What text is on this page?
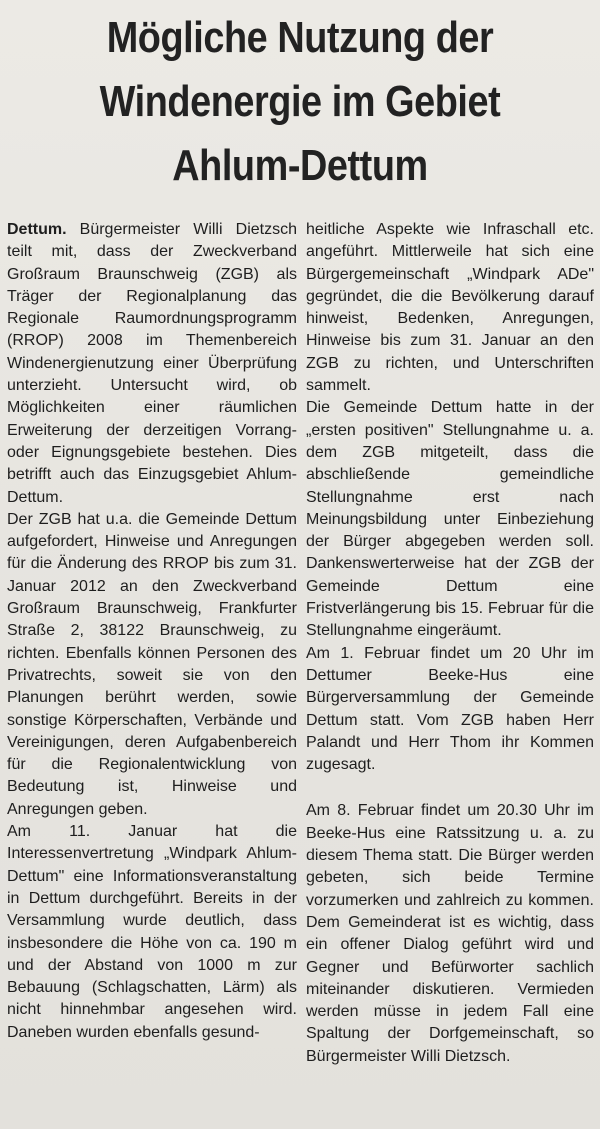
Mögliche Nutzung der
Windenergie im Gebiet
Ahlum-Dettum

Dettum. Bürgermeister Willi Dietzsch teilt mit, dass der Zweckverband Großraum Braunschweig (ZGB) als Träger der Regionalplanung das Regionale Raumordnungsprogramm (RROP) 2008 im Themenbereich Windenergienutzung einer Überprüfung unterzieht. Untersucht wird, ob Möglichkeiten einer räumlichen Erweiterung der derzeitigen Vorrang- oder Eignungsgebiete bestehen. Dies betrifft auch das Einzugsgebiet Ahlum-Dettum.

Der ZGB hat u.a. die Gemeinde Dettum aufgefordert, Hinweise und Anregungen für die Änderung des RROP bis zum 31. Januar 2012 an den Zweckverband Großraum Braunschweig, Frankfurter Straße 2, 38122 Braunschweig, zu richten. Ebenfalls können Personen des Privatrechts, soweit sie von den Planungen berührt werden, sowie sonstige Körperschaften, Verbände und Vereinigungen, deren Aufgabenbereich für die Regionalentwicklung von Bedeutung ist, Hinweise und Anregungen geben.

Am 11. Januar hat die Interessenvertretung „Windpark Ahlum-Dettum" eine Informationsveranstaltung in Dettum durchgeführt. Bereits in der Versammlung wurde deutlich, dass insbesondere die Höhe von ca. 190 m und der Abstand von 1000 m zur Bebauung (Schlagschatten, Lärm) als nicht hinnehmbar angesehen wird. Daneben wurden ebenfalls gesund-

heitliche Aspekte wie Infraschall etc. angeführt. Mittlerweile hat sich eine Bürgergemeinschaft „Windpark ADe" gegründet, die die Bevölkerung darauf hinweist, Bedenken, Anregungen, Hinweise bis zum 31. Januar an den ZGB zu richten, und Unterschriften sammelt.

Die Gemeinde Dettum hatte in der „ersten positiven" Stellungnahme u. a. dem ZGB mitgeteilt, dass die abschließende gemeindliche Stellungnahme erst nach Meinungsbildung unter Einbeziehung der Bürger abgegeben werden soll. Dankenswerterweise hat der ZGB der Gemeinde Dettum eine Fristverlängerung bis 15. Februar für die Stellungnahme eingeräumt.

Am 1. Februar findet um 20 Uhr im Dettumer Beeke-Hus eine Bürgerversammlung der Gemeinde Dettum statt. Vom ZGB haben Herr Palandt und Herr Thom ihr Kommen zugesagt.

Am 8. Februar findet um 20.30 Uhr im Beeke-Hus eine Ratssitzung u. a. zu diesem Thema statt. Die Bürger werden gebeten, sich beide Termine vorzumerken und zahlreich zu kommen. Dem Gemeinderat ist es wichtig, dass ein offener Dialog geführt wird und Gegner und Befürworter sachlich miteinander diskutieren. Vermieden werden müsse in jedem Fall eine Spaltung der Dorfgemeinschaft, so Bürgermeister Willi Dietzsch.
